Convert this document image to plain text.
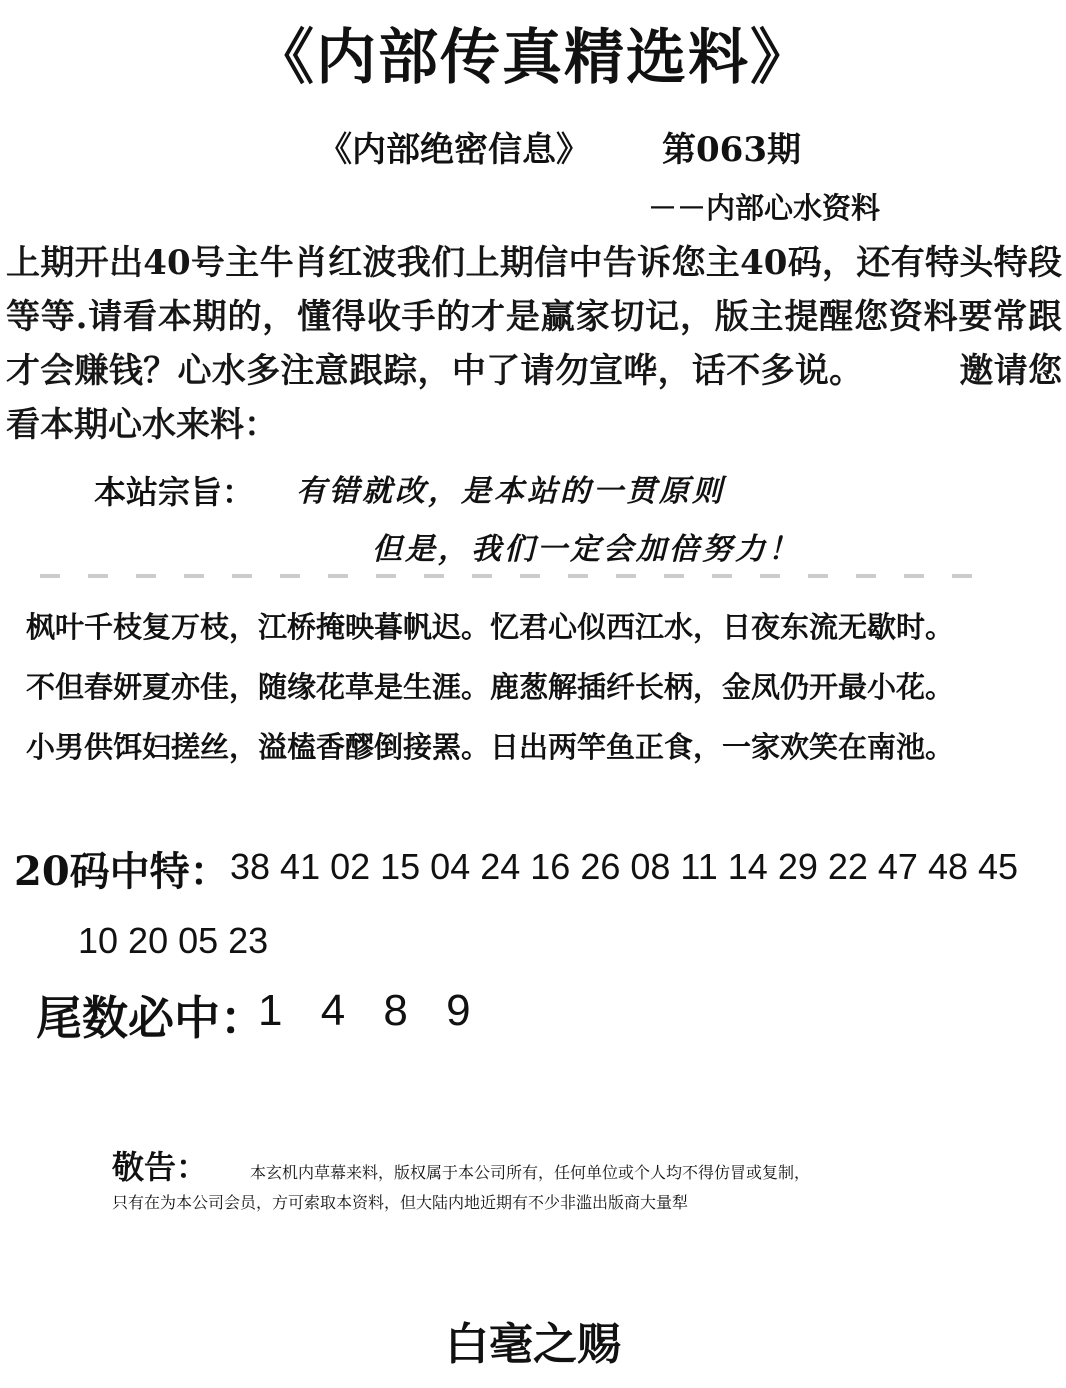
《内部传真精选料》
《内部绝密信息》 第063期
－－内部心水资料
上期开出40号主牛肖红波我们上期信中告诉您主40码，还有特头特段等等.请看本期的，懂得收手的才是赢家切记，版主提醒您资料要常跟才会赚钱？心水多注意跟踪，中了请勿宣哗，话不多说。	邀请您看本期心水来料：
本站宗旨： 有错就改，是本站的一贯原则
但是，我们一定会加倍努力！
枫叶千枝复万枝，江桥掩映暮帆迟。忆君心似西江水，日夜东流无歇时。
不但春妍夏亦佳，随缘花草是生涯。鹿葱解插纤长柄，金凤仍开最小花。
小男供饵妇搓丝，溢榼香醪倒接罴。日出两竿鱼正食，一家欢笑在南池。
20码中特： 38 41 02 15 04 24 16 26 08 11 14 29 22 47 48 45
10 20 05 23
尾数必中：
1 4 8 9
敬告：	本玄机内草幕来料，版权属于本公司所有，任何单位或个人均不得仿冒或复制，
只有在为本公司会员，方可索取本资料，但大陆内地近期有不少非滥出版商大量犁
白毫之赐
